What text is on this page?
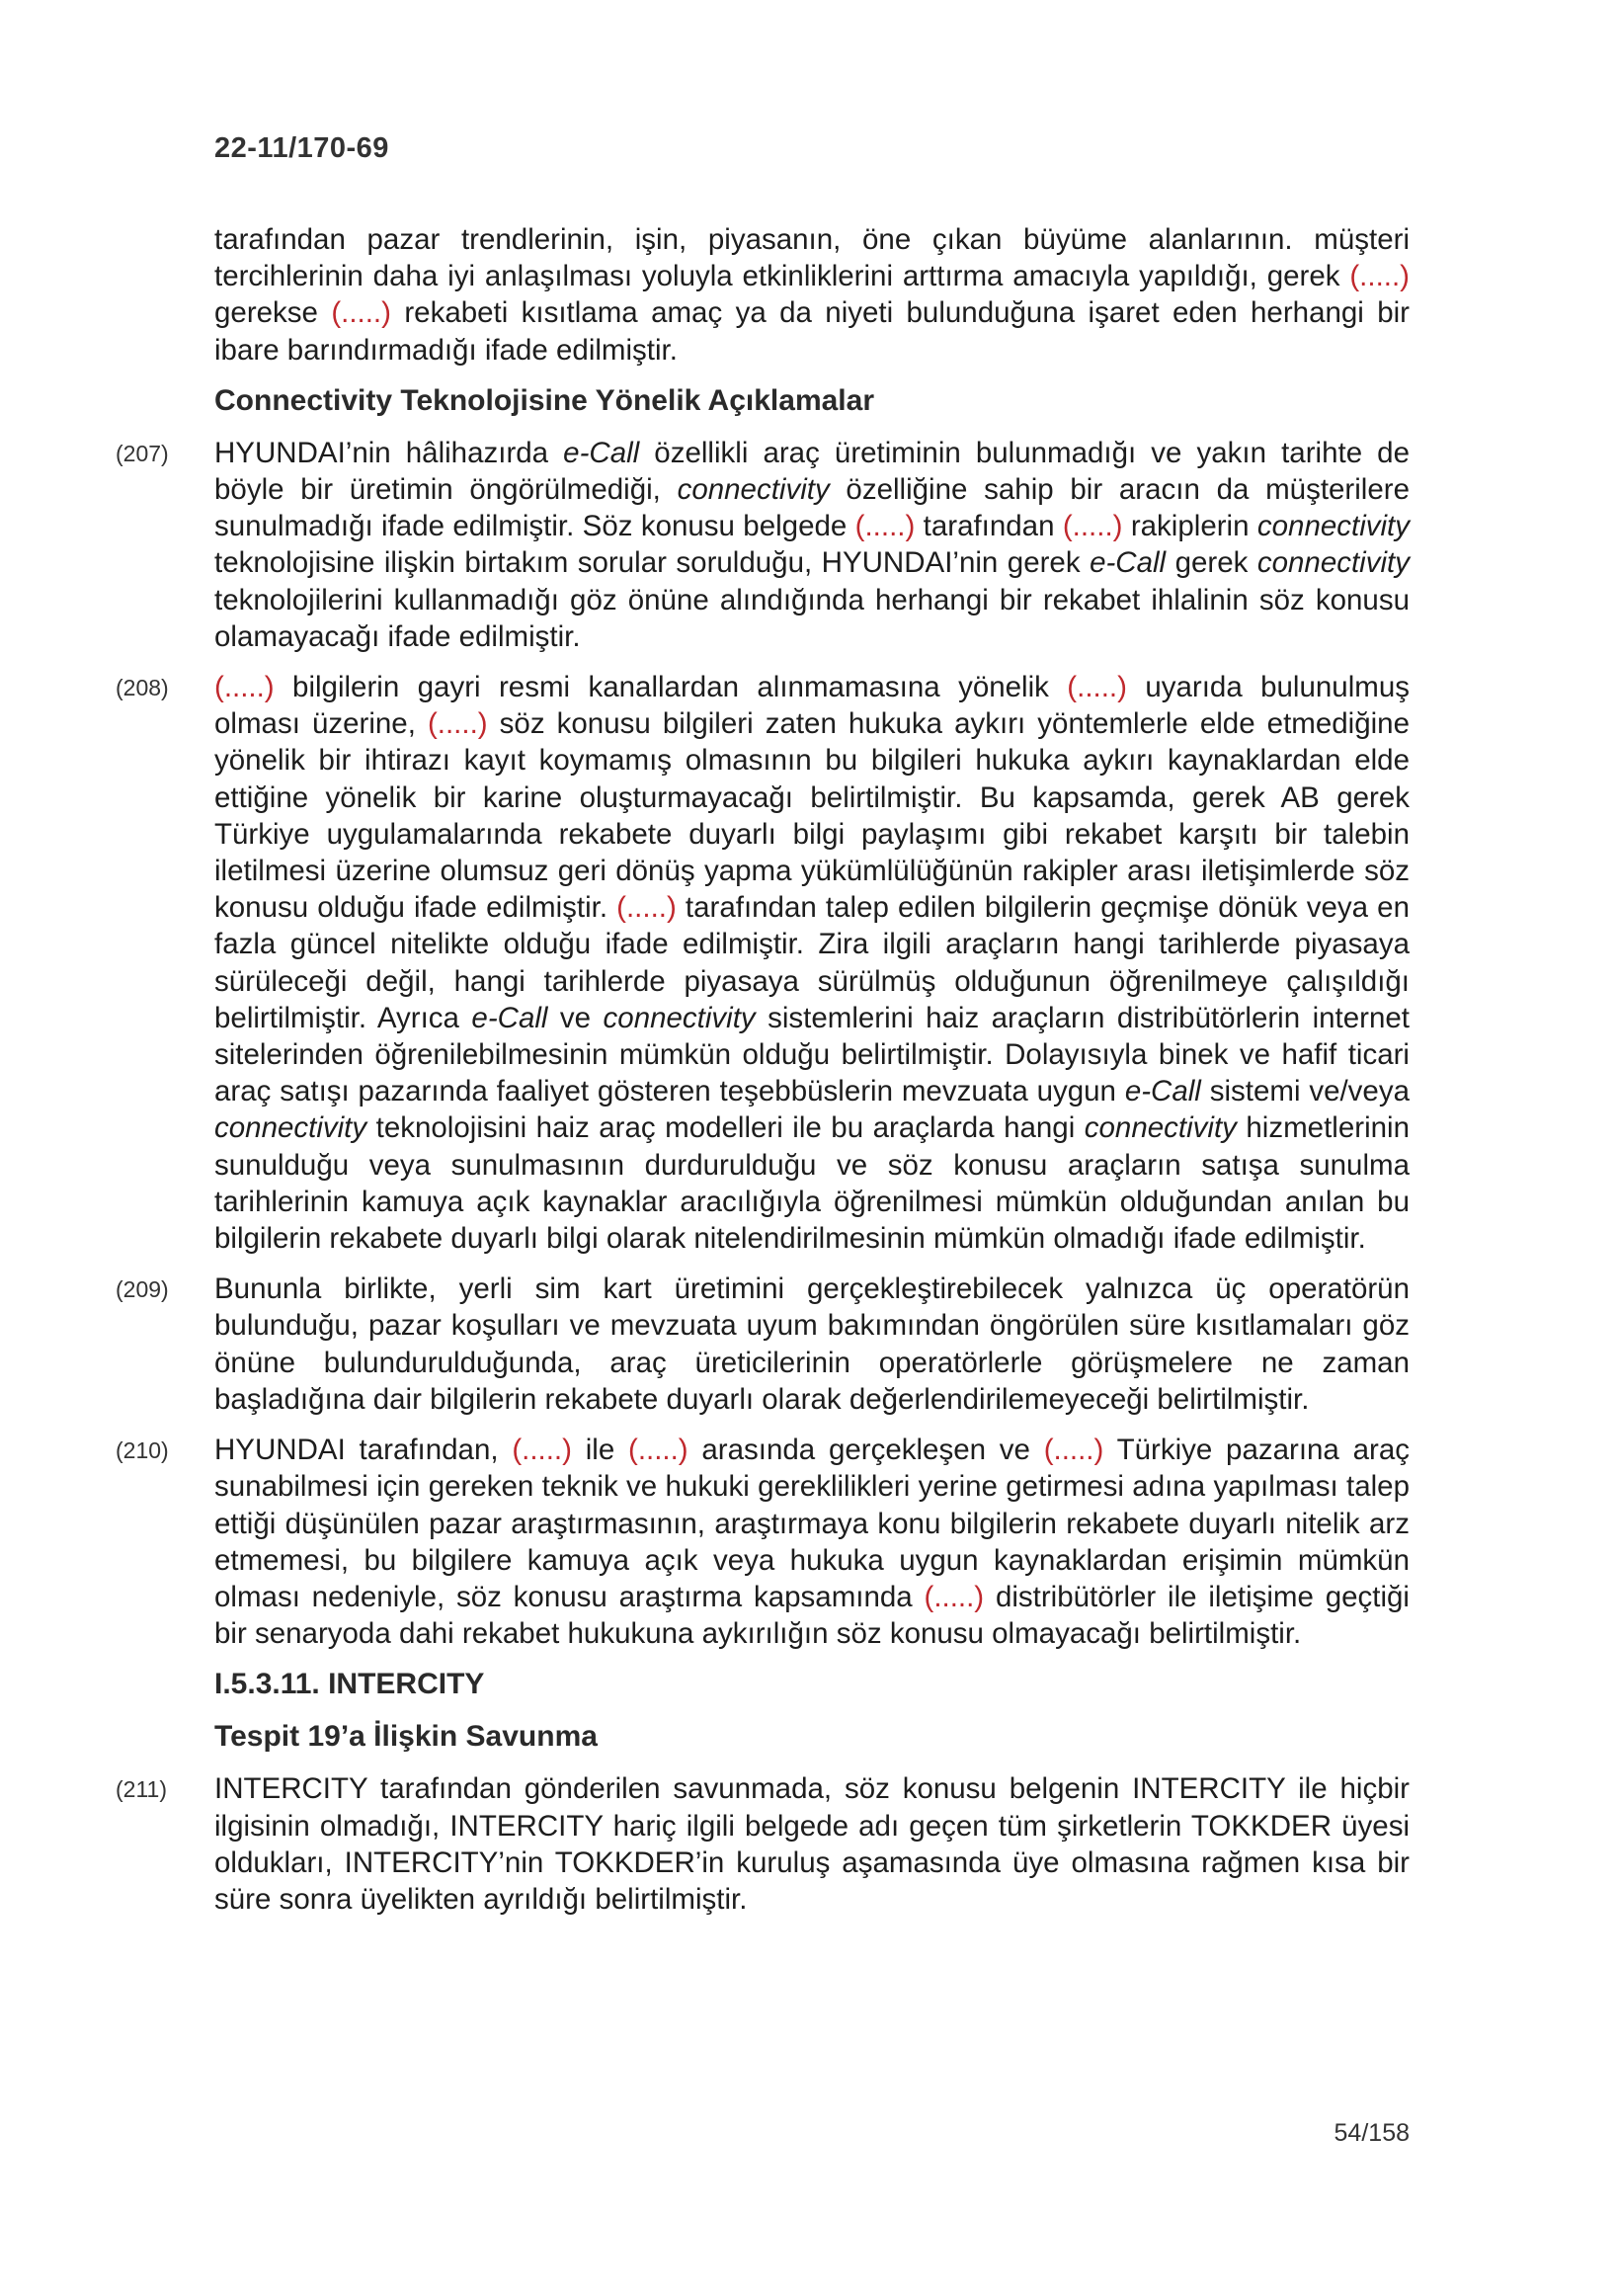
22-11/170-69

tarafından pazar trendlerinin, işin, piyasanın, öne çıkan büyüme alanlarının. müşteri tercihlerinin daha iyi anlaşılması yoluyla etkinliklerini arttırma amacıyla yapıldığı, gerek (.....) gerekse (.....) rekabeti kısıtlama amaç ya da niyeti bulunduğuna işaret eden herhangi bir ibare barındırmadığı ifade edilmiştir.

Connectivity Teknolojisine Yönelik Açıklamalar

(207)	HYUNDAI’nin hâlihazırda e-Call özellikli araç üretiminin bulunmadığı ve yakın tarihte de böyle bir üretimin öngörülmediği, connectivity özelliğine sahip bir aracın da müşterilere sunulmadığı ifade edilmiştir. Söz konusu belgede (.....) tarafından (.....) rakiplerin connectivity teknolojisine ilişkin birtakım sorular sorulduğu, HYUNDAI’nin gerek e-Call gerek connectivity teknolojilerini kullanmadığı göz önüne alındığında herhangi bir rekabet ihlalinin söz konusu olamayacağı ifade edilmiştir.

(208)	(.....) bilgilerin gayri resmi kanallardan alınmamasına yönelik (.....) uyarıda bulunulmuş olması üzerine, (.....) söz konusu bilgileri zaten hukuka aykırı yöntemlerle elde etmediğine yönelik bir ihtirazı kayıt koymamış olmasının bu bilgileri hukuka aykırı kaynaklardan elde ettiğine yönelik bir karine oluşturmayacağı belirtilmiştir. Bu kapsamda, gerek AB gerek Türkiye uygulamalarında rekabete duyarlı bilgi paylaşımı gibi rekabet karşıtı bir talebin iletilmesi üzerine olumsuz geri dönüş yapma yükümlülüğünün rakipler arası iletişimlerde söz konusu olduğu ifade edilmiştir. (.....) tarafından talep edilen bilgilerin geçmişe dönük veya en fazla güncel nitelikte olduğu ifade edilmiştir. Zira ilgili araçların hangi tarihlerde piyasaya sürüleceği değil, hangi tarihlerde piyasaya sürülmüş olduğunun öğrenilmeye çalışıldığı belirtilmiştir. Ayrıca e-Call ve connectivity sistemlerini haiz araçların distribütörlerin internet sitelerinden öğrenilebilmesinin mümkün olduğu belirtilmiştir. Dolayısıyla binek ve hafif ticari araç satışı pazarında faaliyet gösteren teşebbüslerin mevzuata uygun e-Call sistemi ve/veya connectivity teknolojisini haiz araç modelleri ile bu araçlarda hangi connectivity hizmetlerinin sunulduğu veya sunulmasının durdurulduğu ve söz konusu araçların satışa sunulma tarihlerinin kamuya açık kaynaklar aracılığıyla öğrenilmesi mümkün olduğundan anılan bu bilgilerin rekabete duyarlı bilgi olarak nitelendirilmesinin mümkün olmadığı ifade edilmiştir.

(209)	Bununla birlikte, yerli sim kart üretimini gerçekleştirebilecek yalnızca üç operatörün bulunduğu, pazar koşulları ve mevzuata uyum bakımından öngörülen süre kısıtlamaları göz önüne bulundurulduğunda, araç üreticilerinin operatörlerle görüşmelere ne zaman başladığına dair bilgilerin rekabete duyarlı olarak değerlendirilemeyeceği belirtilmiştir.

(210)	HYUNDAI tarafından, (.....) ile (.....) arasında gerçekleşen ve (.....) Türkiye pazarına araç sunabilmesi için gereken teknik ve hukuki gereklilikleri yerine getirmesi adına yapılması talep ettiği düşünülen pazar araştırmasının, araştırmaya konu bilgilerin rekabete duyarlı nitelik arz etmemesi, bu bilgilere kamuya açık veya hukuka uygun kaynaklardan erişimin mümkün olması nedeniyle, söz konusu araştırma kapsamında (.....) distribütörler ile iletişime geçtiği bir senaryoda dahi rekabet hukukuna aykırılığın söz konusu olmayacağı belirtilmiştir.

I.5.3.11. INTERCITY
Tespit 19’a İlişkin Savunma

(211)	INTERCITY tarafından gönderilen savunmada, söz konusu belgenin INTERCITY ile hiçbir ilgisinin olmadığı, INTERCITY hariç ilgili belgede adı geçen tüm şirketlerin TOKKDER üyesi oldukları, INTERCITY’nin TOKKDER’in kuruluş aşamasında üye olmasına rağmen kısa bir süre sonra üyelikten ayrıldığı belirtilmiştir.

54/158
